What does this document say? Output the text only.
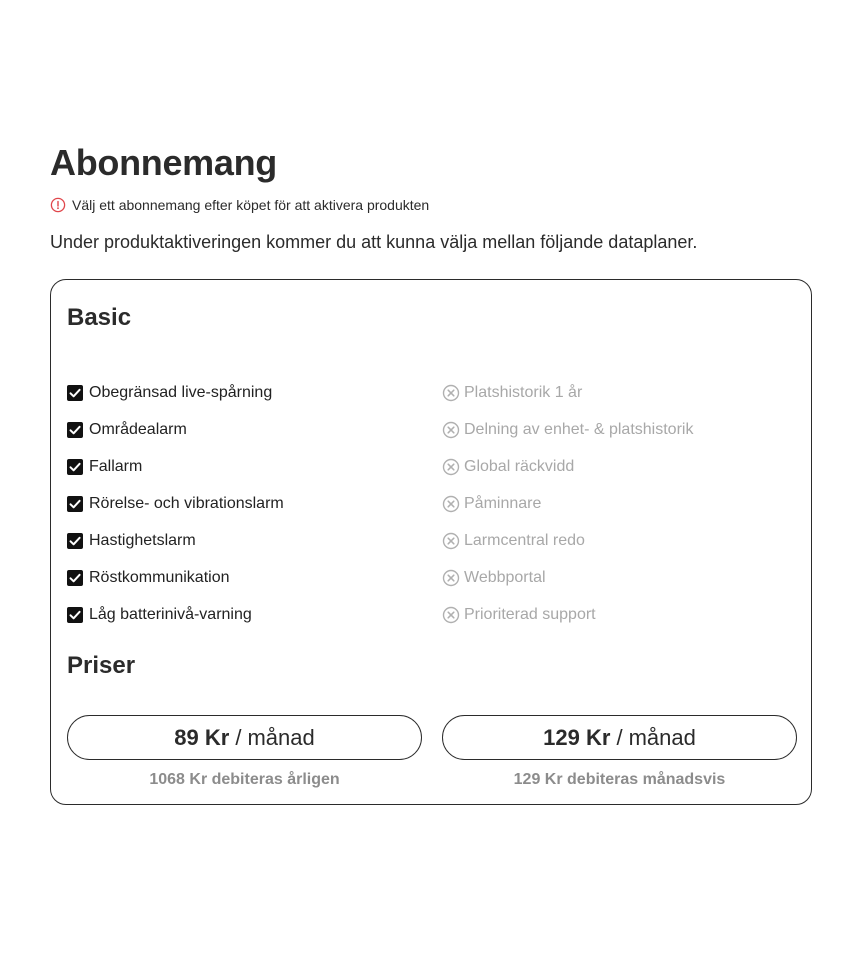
Abonnemang
Välj ett abonnemang efter köpet för att aktivera produkten
Under produktaktiveringen kommer du att kunna välja mellan följande dataplaner.
Basic
Obegränsad live-spårning
Områdealarm
Fallarm
Rörelse- och vibrationslarm
Hastighetslarm
Röstkommunikation
Låg batterinivå-varning
Platshistorik 1 år
Delning av enhet- & platshistorik
Global räckvidd
Påminnare
Larmcentral redo
Webbportal
Prioriterad support
Priser
89 Kr / månad
1068 Kr debiteras årligen
129 Kr / månad
129 Kr debiteras månadsvis
